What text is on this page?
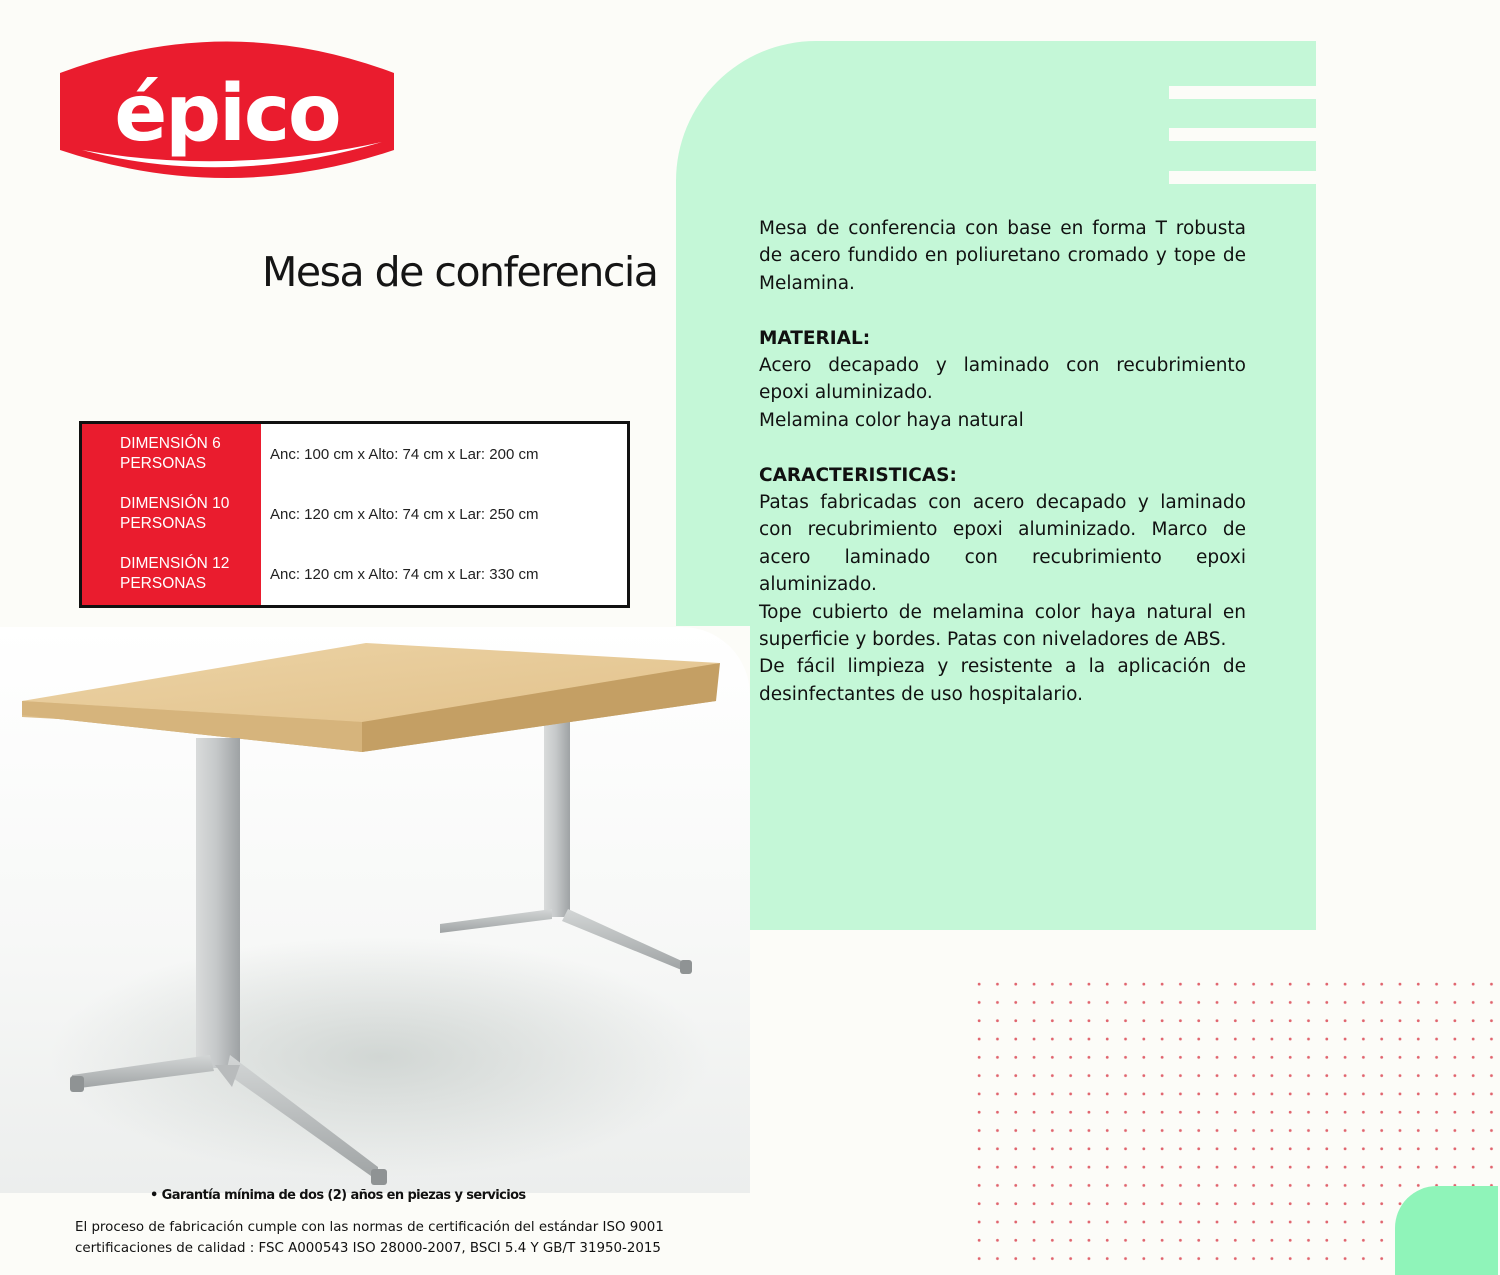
épico
Mesa de conferencia

Mesa de conferencia con base en forma T robusta de acero fundido en poliuretano cromado y tope de Melamina.

MATERIAL:

Acero decapado y laminado con recubrimiento epoxi aluminizado.

Melamina color haya natural

CARACTERISTICAS:

Patas fabricadas con acero decapado y laminado con recubrimiento epoxi aluminizado. Marco de acero laminado con recubrimiento epoxi aluminizado.

Tope cubierto de melamina color haya natural en superficie y bordes. Patas con niveladores de ABS.

De fácil limpieza y resistente a la aplicación de desinfectantes de uso hospitalario.

DIMENSIÓN 6 PERSONAS
DIMENSIÓN 10 PERSONAS
DIMENSIÓN 12 PERSONAS
Anc: 100 cm x Alto: 74 cm x Lar: 200 cm
Anc: 120 cm x Alto: 74 cm x Lar: 250 cm
Anc: 120 cm x Alto: 74 cm x Lar: 330 cm

• Garantía mínima de dos (2) años en piezas y servicios

El proceso de fabricación cumple con las normas de certificación del estándar ISO 9001

certificaciones de calidad : FSC A000543 ISO 28000-2007, BSCI 5.4 Y GB/T 31950-2015
